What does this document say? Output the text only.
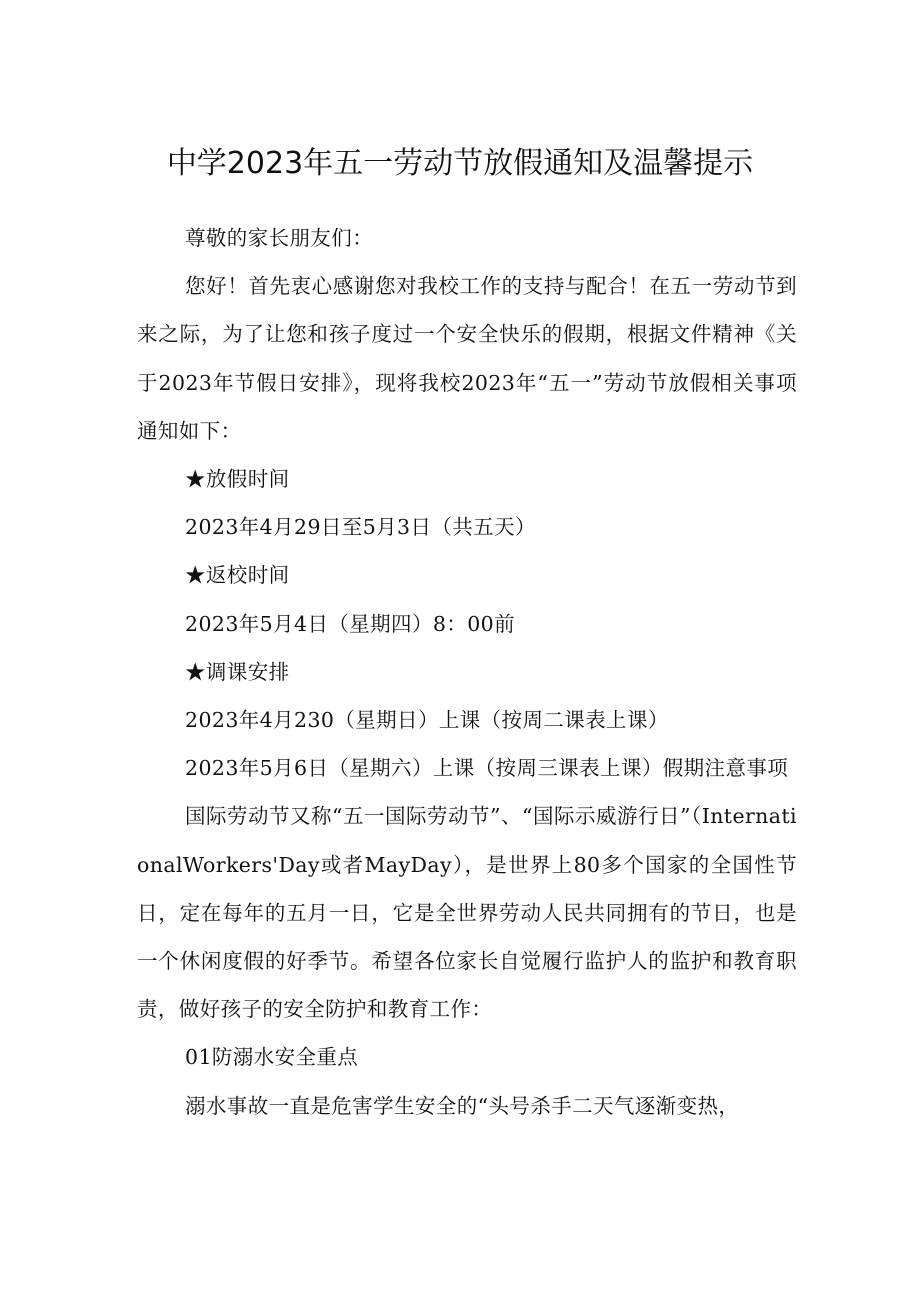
中学2023年五一劳动节放假通知及温馨提示

尊敬的家长朋友们：

您好！首先衷心感谢您对我校工作的支持与配合！在五一劳动节到来之际，为了让您和孩子度过一个安全快乐的假期，根据文件精神《关于2023年节假日安排》，现将我校2023年“五一”劳动节放假相关事项通知如下：

★放假时间

2023年4月29日至5月3日（共五天）

★返校时间

2023年5月4日（星期四）8：00前

★调课安排

2023年4月230（星期日）上课（按周二课表上课）

2023年5月6日（星期六）上课（按周三课表上课）假期注意事项

国际劳动节又称“五一国际劳动节”、“国际示威游行日”（InternationalWorkers'Day或者MayDay），是世界上80多个国家的全国性节日，定在每年的五月一日，它是全世界劳动人民共同拥有的节日，也是一个休闲度假的好季节。希望各位家长自觉履行监护人的监护和教育职责，做好孩子的安全防护和教育工作：

01防溺水安全重点

溺水事故一直是危害学生安全的“头号杀手二天气逐渐变热，
